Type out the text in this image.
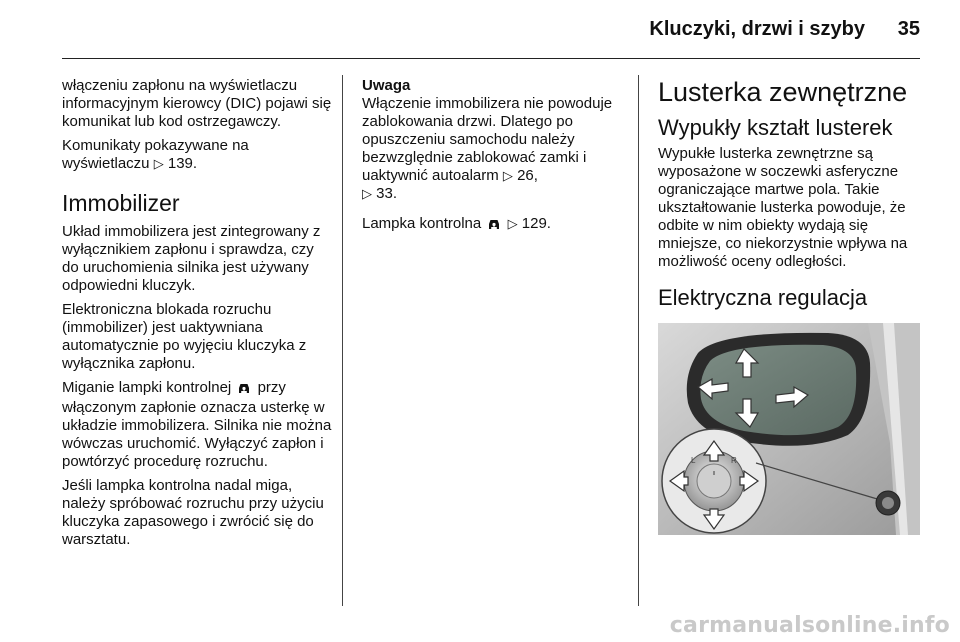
Kluczyki, drzwi i szyby 35

włączeniu zapłonu na wyświetlaczu informacyjnym kierowcy (DIC) pojawi się komunikat lub kod ostrzegawczy.

Komunikaty pokazywane na wyświetlaczu ▷ 139.

Immobilizer

Układ immobilizera jest zintegrowany z wyłącznikiem zapłonu i sprawdza, czy do uruchomienia silnika jest używany odpowiedni kluczyk.

Elektroniczna blokada rozruchu (immobilizer) jest uaktywniana automatycznie po wyjęciu kluczyka z wyłącznika zapłonu.

Miganie lampki kontrolnej przy włączonym zapłonie oznacza usterkę w układzie immobilizera. Silnika nie można wówczas uruchomić. Wyłączyć zapłon i powtórzyć procedurę rozruchu.

Jeśli lampka kontrolna nadal miga, należy spróbować rozruchu przy użyciu kluczyka zapasowego i zwrócić się do warsztatu.

Uwaga
Włączenie immobilizera nie powoduje zablokowania drzwi. Dlatego po opuszczeniu samochodu należy bezwzględnie zablokować zamki i uaktywnić autoalarm ▷ 26,
▷ 33.

Lampka kontrolna ▷ 129.

Lusterka zewnętrzne
Wypukły kształt lusterek

Wypukłe lusterka zewnętrzne są wyposażone w soczewki asferyczne ograniczające martwe pola. Takie ukształtowanie lusterka powoduje, że odbite w nim obiekty wydają się mniejsze, co niekorzystnie wpływa na możliwość oceny odległości.

Elektryczna regulacja
L	R
carmanualsonline.info
